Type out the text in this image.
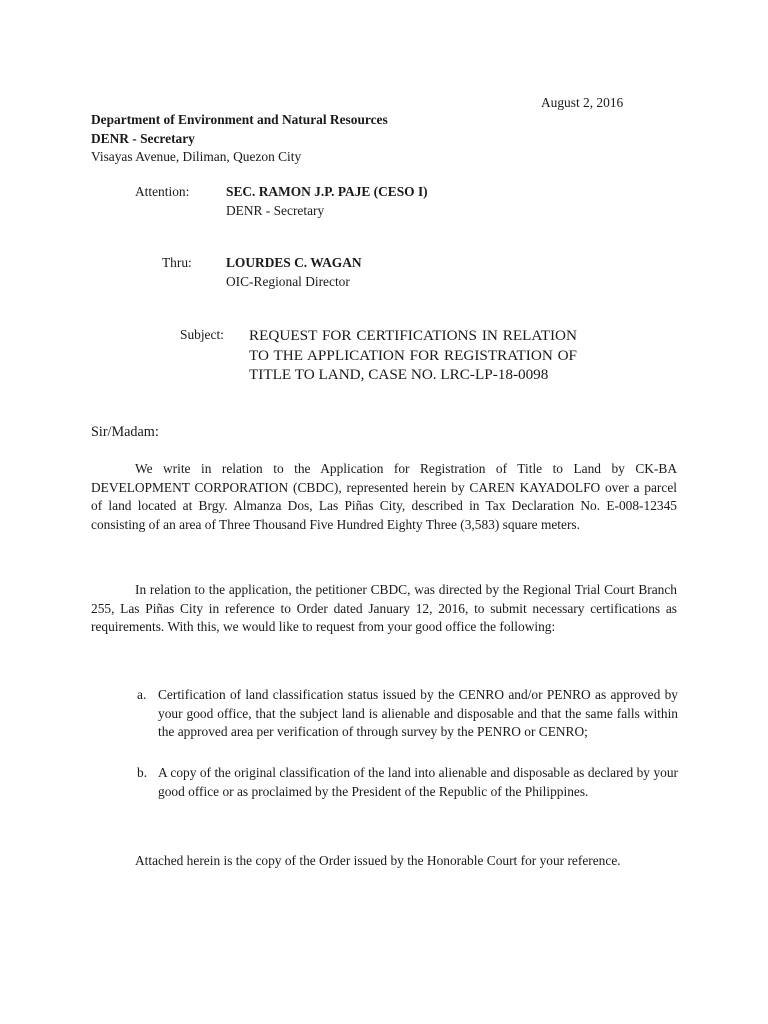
August 2, 2016
Department of Environment and Natural Resources
DENR - Secretary
Visayas Avenue, Diliman, Quezon City
Attention:	SEC. RAMON J.P. PAJE (CESO I)
DENR - Secretary
Thru:	LOURDES C. WAGAN
OIC-Regional Director
Subject: REQUEST FOR CERTIFICATIONS IN RELATION TO THE APPLICATION FOR REGISTRATION OF TITLE TO LAND, CASE NO. LRC-LP-18-0098
Sir/Madam:
We write in relation to the Application for Registration of Title to Land by CK-BA DEVELOPMENT CORPORATION (CBDC), represented herein by CAREN KAYADOLFO over a parcel of land located at Brgy. Almanza Dos, Las Piñas City, described in Tax Declaration No. E-008-12345 consisting of an area of Three Thousand Five Hundred Eighty Three (3,583) square meters.
In relation to the application, the petitioner CBDC, was directed by the Regional Trial Court Branch 255, Las Piñas City in reference to Order dated January 12, 2016, to submit necessary certifications as requirements. With this, we would like to request from your good office the following:
a. Certification of land classification status issued by the CENRO and/or PENRO as approved by your good office, that the subject land is alienable and disposable and that the same falls within the approved area per verification of through survey by the PENRO or CENRO;
b. A copy of the original classification of the land into alienable and disposable as declared by your good office or as proclaimed by the President of the Republic of the Philippines.
Attached herein is the copy of the Order issued by the Honorable Court for your reference.
